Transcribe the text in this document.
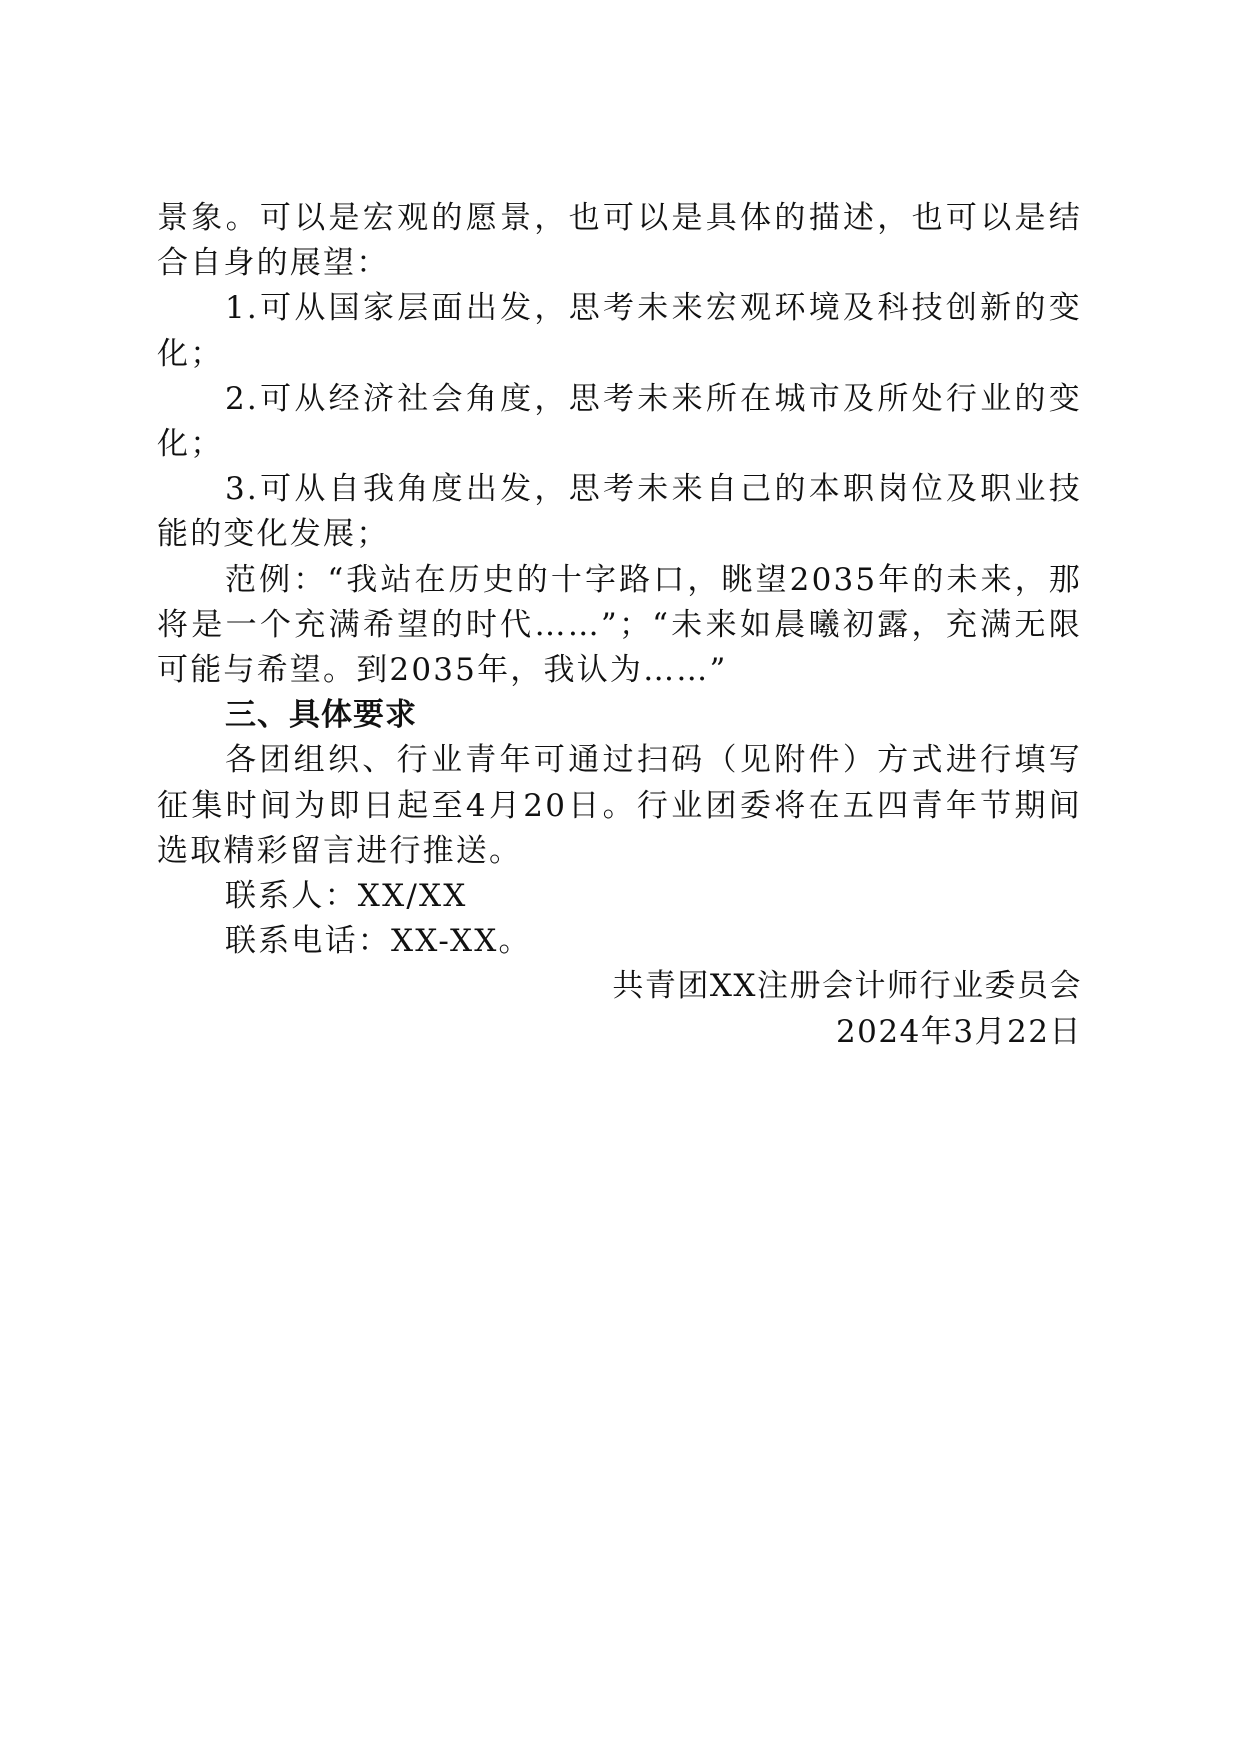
景象。可以是宏观的愿景，也可以是具体的描述，也可以是结合自身的展望：

1.可从国家层面出发，思考未来宏观环境及科技创新的变化；

2.可从经济社会角度，思考未来所在城市及所处行业的变化；

3.可从自我角度出发，思考未来自己的本职岗位及职业技能的变化发展；

范例：“我站在历史的十字路口，眺望2035年的未来，那将是一个充满希望的时代……”；“未来如晨曦初露，充满无限可能与希望。到2035年，我认为……”

三、具体要求

各团组织、行业青年可通过扫码（见附件）方式进行填写征集时间为即日起至4月20日。行业团委将在五四青年节期间选取精彩留言进行推送。

联系人：XX/XX

联系电话：XX-XX。

共青团XX注册会计师行业委员会

2024年3月22日
